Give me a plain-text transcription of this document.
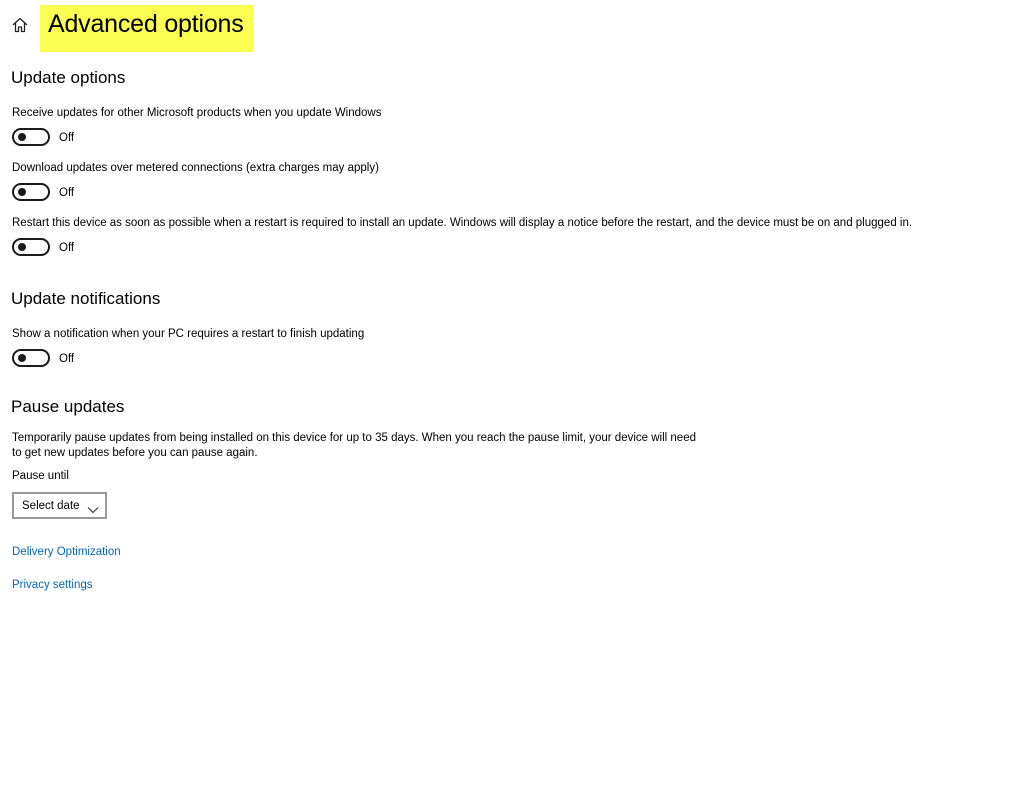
Advanced options
Update options
Receive updates for other Microsoft products when you update Windows
Off
Download updates over metered connections (extra charges may apply)
Off
Restart this device as soon as possible when a restart is required to install an update. Windows will display a notice before the restart, and the device must be on and plugged in.
Off
Update notifications
Show a notification when your PC requires a restart to finish updating
Off
Pause updates
Temporarily pause updates from being installed on this device for up to 35 days. When you reach the pause limit, your device will need to get new updates before you can pause again.
Pause until
Select date
Delivery Optimization
Privacy settings
